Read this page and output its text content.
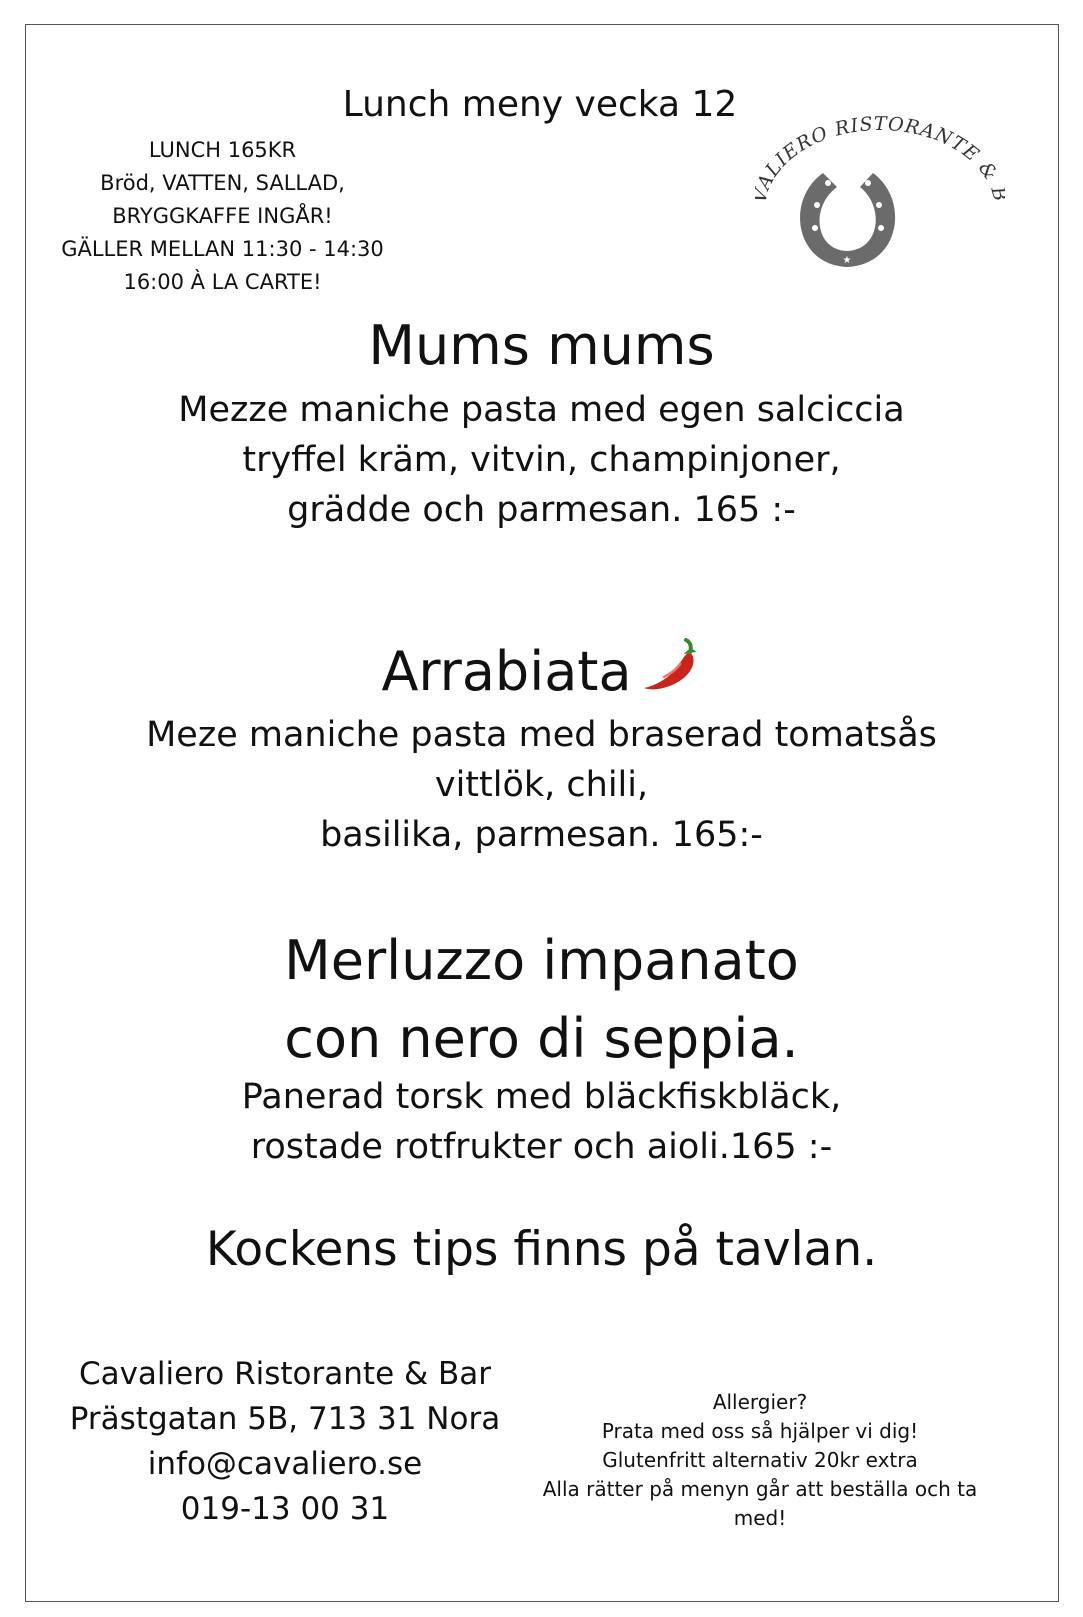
Lunch meny vecka 12
LUNCH 165KR
Bröd, VATTEN, SALLAD,
BRYGGKAFFE INGÅR!
GÄLLER MELLAN 11:30 - 14:30
16:00 À LA CARTE!
ALIERO RISTORANTE &
★
Mums mums
Mezze maniche pasta med egen salciccia
tryffel kräm, vitvin, champinjoner,
grädde och parmesan. 165 :-
Arrabiata
Meze maniche pasta med braserad tomatsås
vittlök, chili,
basilika, parmesan. 165:-
Merluzzo impanato
con nero di seppia.
Panerad torsk med bläckfiskbläck,
rostade rotfrukter och aioli.165 :-
Kockens tips finns på tavlan.
Cavaliero Ristorante & Bar
Prästgatan 5B, 713 31 Nora
info@cavaliero.se
019-13 00 31
Allergier?
Prata med oss så hjälper vi dig!
Glutenfritt alternativ 20kr extra
Alla rätter på menyn går att beställa och ta med!
